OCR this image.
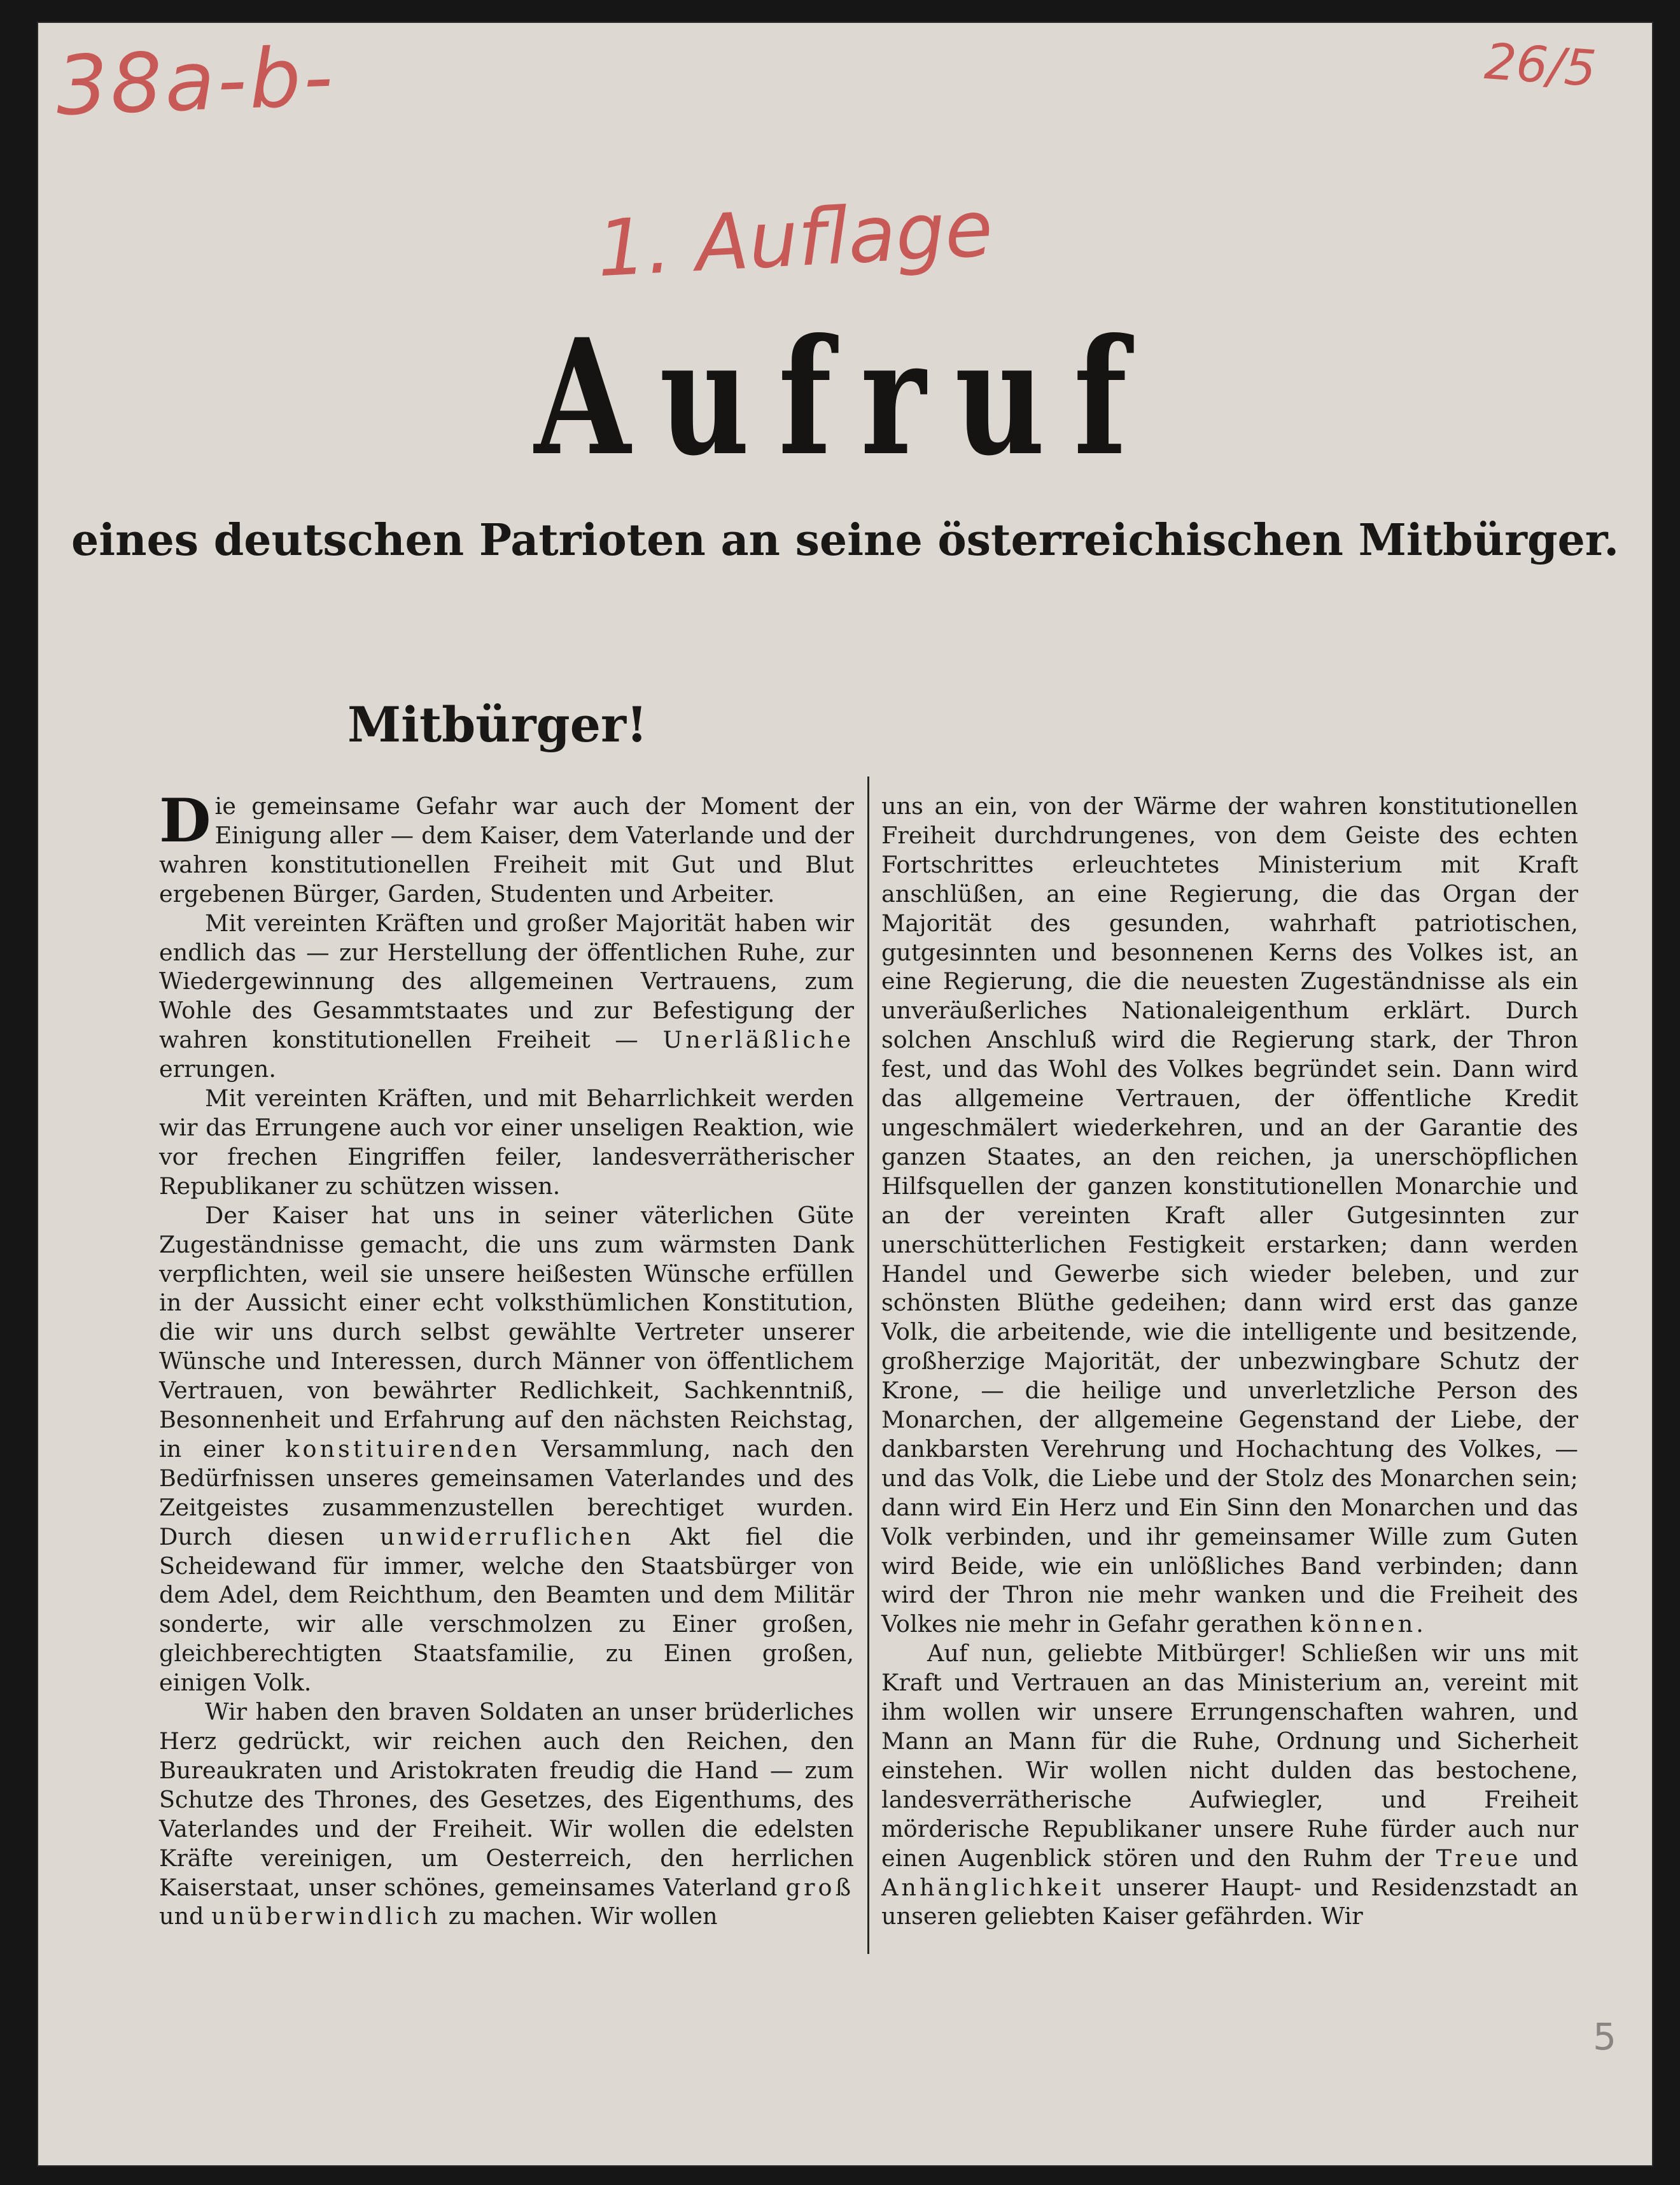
38a-b-	26/5
1. Auflage
Aufruf
eines deutschen Patrioten an seine österreichischen Mitbürger.
Mitbürger!

Die gemeinsame Gefahr war auch der Moment der Einigung aller — dem Kaiser, dem Vaterlande und der wahren konstitutionellen Freiheit mit Gut und Blut ergebenen Bürger, Garden, Studenten und Arbeiter.

Mit vereinten Kräften und großer Majorität haben wir endlich das — zur Herstellung der öffentlichen Ruhe, zur Wiedergewinnung des allgemeinen Vertrauens, zum Wohle des Gesammtstaates und zur Befestigung der wahren konstitutionellen Freiheit — Unerläßliche errungen.

Mit vereinten Kräften, und mit Beharrlichkeit werden wir das Errungene auch vor einer unseligen Reaktion, wie vor frechen Eingriffen feiler, landesverrätherischer Republikaner zu schützen wissen.

Der Kaiser hat uns in seiner väterlichen Güte Zugeständnisse gemacht, die uns zum wärmsten Dank verpflichten, weil sie unsere heißesten Wünsche erfüllen in der Aussicht einer echt volksthümlichen Konstitution, die wir uns durch selbst gewählte Vertreter unserer Wünsche und Interessen, durch Männer von öffentlichem Vertrauen, von bewährter Redlichkeit, Sachkenntniß, Besonnenheit und Erfahrung auf den nächsten Reichstag, in einer konstituirenden Versammlung, nach den Bedürfnissen unseres gemeinsamen Vaterlandes und des Zeitgeistes zusammenzustellen berechtiget wurden. Durch diesen unwiderruflichen Akt fiel die Scheidewand für immer, welche den Staatsbürger von dem Adel, dem Reichthum, den Beamten und dem Militär sonderte, wir alle verschmolzen zu Einer großen, gleichberechtigten Staatsfamilie, zu Einen großen, einigen Volk.

Wir haben den braven Soldaten an unser brüderliches Herz gedrückt, wir reichen auch den Reichen, den Bureaukraten und Aristokraten freudig die Hand — zum Schutze des Thrones, des Gesetzes, des Eigenthums, des Vaterlandes und der Freiheit. Wir wollen die edelsten Kräfte vereinigen, um Oesterreich, den herrlichen Kaiserstaat, unser schönes, gemeinsames Vaterland groß und unüberwindlich zu machen. Wir wollen

uns an ein, von der Wärme der wahren konstitutionellen Freiheit durchdrungenes, von dem Geiste des echten Fortschrittes erleuchtetes Ministerium mit Kraft anschlüßen, an eine Regierung, die das Organ der Majorität des gesunden, wahrhaft patriotischen, gutgesinnten und besonnenen Kerns des Volkes ist, an eine Regierung, die die neuesten Zugeständnisse als ein unveräußerliches Nationaleigenthum erklärt. Durch solchen Anschluß wird die Regierung stark, der Thron fest, und das Wohl des Volkes begründet sein. Dann wird das allgemeine Vertrauen, der öffentliche Kredit ungeschmälert wiederkehren, und an der Garantie des ganzen Staates, an den reichen, ja unerschöpflichen Hilfsquellen der ganzen konstitutionellen Monarchie und an der vereinten Kraft aller Gutgesinnten zur unerschütterlichen Festigkeit erstarken; dann werden Handel und Gewerbe sich wieder beleben, und zur schönsten Blüthe gedeihen; dann wird erst das ganze Volk, die arbeitende, wie die intelligente und besitzende, großherzige Majorität, der unbezwingbare Schutz der Krone, — die heilige und unverletzliche Person des Monarchen, der allgemeine Gegenstand der Liebe, der dankbarsten Verehrung und Hochachtung des Volkes, — und das Volk, die Liebe und der Stolz des Monarchen sein; dann wird Ein Herz und Ein Sinn den Monarchen und das Volk verbinden, und ihr gemeinsamer Wille zum Guten wird Beide, wie ein unlößliches Band verbinden; dann wird der Thron nie mehr wanken und die Freiheit des Volkes nie mehr in Gefahr gerathen können.

Auf nun, geliebte Mitbürger! Schließen wir uns mit Kraft und Vertrauen an das Ministerium an, vereint mit ihm wollen wir unsere Errungenschaften wahren, und Mann an Mann für die Ruhe, Ordnung und Sicherheit einstehen. Wir wollen nicht dulden das bestochene, landesverrätherische Aufwiegler, und Freiheit mörderische Republikaner unsere Ruhe fürder auch nur einen Augenblick stören und den Ruhm der Treue und Anhänglichkeit unserer Haupt- und Residenzstadt an unseren geliebten Kaiser gefährden. Wir

5
